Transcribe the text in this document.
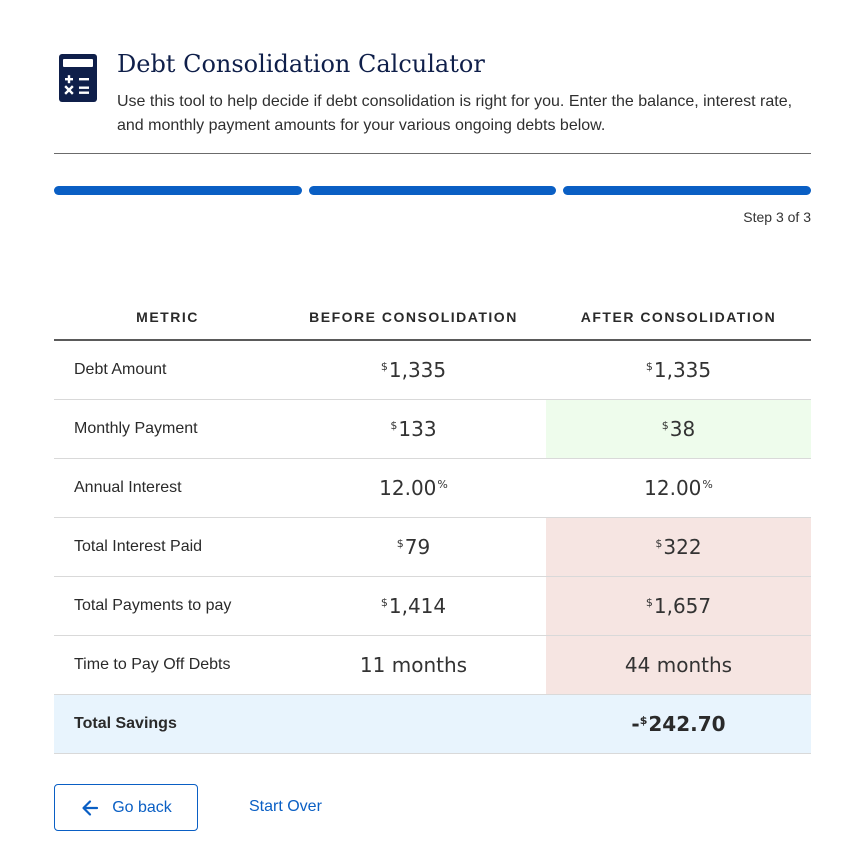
Debt Consolidation Calculator
Use this tool to help decide if debt consolidation is right for you. Enter the balance, interest rate, and monthly payment amounts for your various ongoing debts below.
Step 3 of 3
METRIC	BEFORE CONSOLIDATION	AFTER CONSOLIDATION
Debt Amount	$1,335	$1,335
Monthly Payment	$133	$38
Annual Interest	12.00%	12.00%
Total Interest Paid	$79	$322
Total Payments to pay	$1,414	$1,657
Time to Pay Off Debts	11 months	44 months
Total Savings		-$242.70
Go back	Start Over
